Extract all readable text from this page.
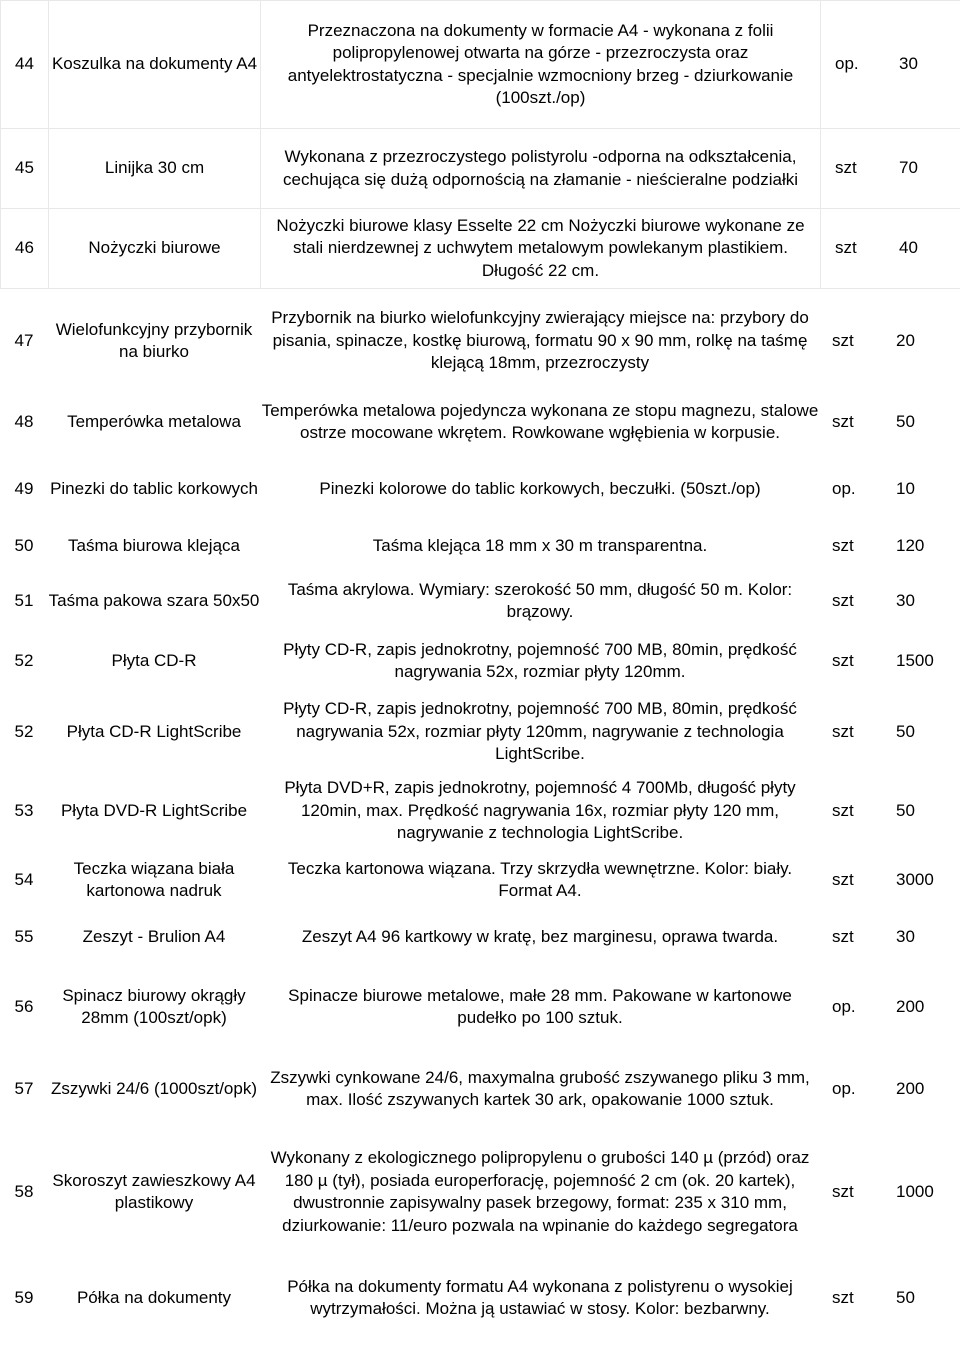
44	Koszulka na dokumenty A4	Przeznaczona na dokumenty w formacie A4 - wykonana z folii polipropylenowej otwarta na górze - przezroczysta oraz antyelektrostatyczna - specjalnie wzmocniony brzeg - dziurkowanie (100szt./op)	op. 30
45	Linijka 30 cm	Wykonana z przezroczystego polistyrolu -odporna na odkształcenia, cechująca się dużą odpornością na złamanie - nieścieralne podziałki	szt 70
46	Nożyczki biurowe	Nożyczki biurowe klasy Esselte 22 cm Nożyczki biurowe wykonane ze stali nierdzewnej z uchwytem metalowym powlekanym plastikiem. Długość 22 cm.	szt 40
47	Wielofunkcyjny przybornik na biurko	Przybornik na biurko wielofunkcyjny zwierający miejsce na: przybory do pisania, spinacze, kostkę biurową, formatu 90 x 90 mm, rolkę na taśmę klejącą 18mm, przezroczysty	szt 20
48	Temperówka metalowa	Temperówka metalowa pojedyncza wykonana ze stopu magnezu, stalowe ostrze mocowane wkrętem. Rowkowane wgłębienia w korpusie.	szt 50
49	Pinezki do tablic korkowych	Pinezki kolorowe do tablic korkowych, beczułki. (50szt./op)	op. 10
50	Taśma biurowa klejąca	Taśma klejąca 18 mm x 30 m transparentna.	szt 120
51	Taśma pakowa szara 50x50	Taśma akrylowa. Wymiary: szerokość 50 mm, długość 50 m. Kolor: brązowy.	szt 30
52	Płyta CD-R	Płyty CD-R, zapis jednokrotny, pojemność 700 MB, 80min, prędkość nagrywania 52x, rozmiar płyty 120mm.	szt 1500
52	Płyta CD-R LightScribe	Płyty CD-R, zapis jednokrotny, pojemność 700 MB, 80min, prędkość nagrywania 52x, rozmiar płyty 120mm, nagrywanie z technologia LightScribe.	szt 50
53	Płyta DVD-R LightScribe	Płyta DVD+R, zapis jednokrotny, pojemność 4 700Mb, długość płyty 120min, max. Prędkość nagrywania 16x, rozmiar płyty 120 mm, nagrywanie z technologia LightScribe.	szt 50
54	Teczka wiązana biała kartonowa nadruk	Teczka kartonowa wiązana. Trzy skrzydła wewnętrzne. Kolor: biały. Format A4.	szt 3000
55	Zeszyt - Brulion A4	Zeszyt A4 96 kartkowy w kratę, bez marginesu, oprawa twarda.	szt 30
56	Spinacz biurowy okrągły 28mm (100szt/opk)	Spinacze biurowe metalowe, małe 28 mm. Pakowane w kartonowe pudełko po 100 sztuk.	op. 200
57	Zszywki 24/6 (1000szt/opk)	Zszywki cynkowane 24/6, maxymalna grubość zszywanego pliku 3 mm, max. Ilość zszywanych kartek 30 ark, opakowanie 1000 sztuk.	op. 200
58	Skoroszyt zawieszkowy A4 plastikowy	Wykonany z ekologicznego polipropylenu o grubości 140 µ (przód) oraz 180 µ (tył), posiada europerforację, pojemność 2 cm (ok. 20 kartek), dwustronnie zapisywalny pasek brzegowy, format: 235 x 310 mm, dziurkowanie: 11/euro pozwala na wpinanie do każdego segregatora	szt 1000
59	Półka na dokumenty	Półka na dokumenty formatu A4 wykonana z polistyrenu o wysokiej wytrzymałości. Można ją ustawiać w stosy. Kolor: bezbarwny.	szt 50
